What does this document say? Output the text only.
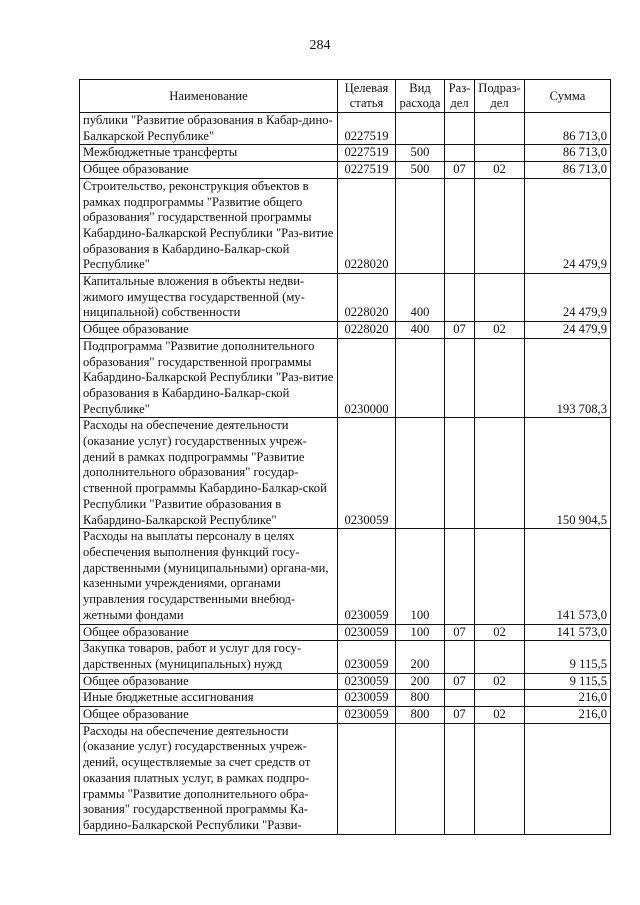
284
Наименование	Целевая статья	Вид расхода	Раз- дел	Подраз- дел	Сумма
публики "Развитие образования в Кабар-дино-Балкарской Республике"	0227519				86 713,0
Межбюджетные трансферты	0227519	500			86 713,0
Общее образование	0227519	500	07	02	86 713,0
Строительство, реконструкция объектов в рамках подпрограммы "Развитие общего образования" государственной программы Кабардино-Балкарской Республики "Раз-витие образования в Кабардино-Балкар-ской Республике"	0228020				24 479,9
Капитальные вложения в объекты недви-жимого имущества государственной (му-ниципальной) собственности	0228020	400			24 479,9
Общее образование	0228020	400	07	02	24 479,9
Подпрограмма "Развитие дополнительного образования" государственной программы Кабардино-Балкарской Республики "Раз-витие образования в Кабардино-Балкар-ской Республике"	0230000				193 708,3
Расходы на обеспечение деятельности (оказание услуг) государственных учреж-дений в рамках подпрограммы "Развитие дополнительного образования" государ-ственной программы Кабардино-Балкар-ской Республики "Развитие образования в Кабардино-Балкарской Республике"	0230059				150 904,5
Расходы на выплаты персоналу в целях обеспечения выполнения функций госу-дарственными (муниципальными) органа-ми, казенными учреждениями, органами управления государственными внебюд-жетными фондами	0230059	100			141 573,0
Общее образование	0230059	100	07	02	141 573,0
Закупка товаров, работ и услуг для госу-дарственных (муниципальных) нужд	0230059	200			9 115,5
Общее образование	0230059	200	07	02	9 115,5
Иные бюджетные ассигнования	0230059	800			216,0
Общее образование	0230059	800	07	02	216,0
Расходы на обеспечение деятельности (оказание услуг) государственных учреж-дений, осуществляемые за счет средств от оказания платных услуг, в рамках подпро-граммы "Развитие дополнительного обра-зования" государственной программы Ка-бардино-Балкарской Республики "Разви-					
